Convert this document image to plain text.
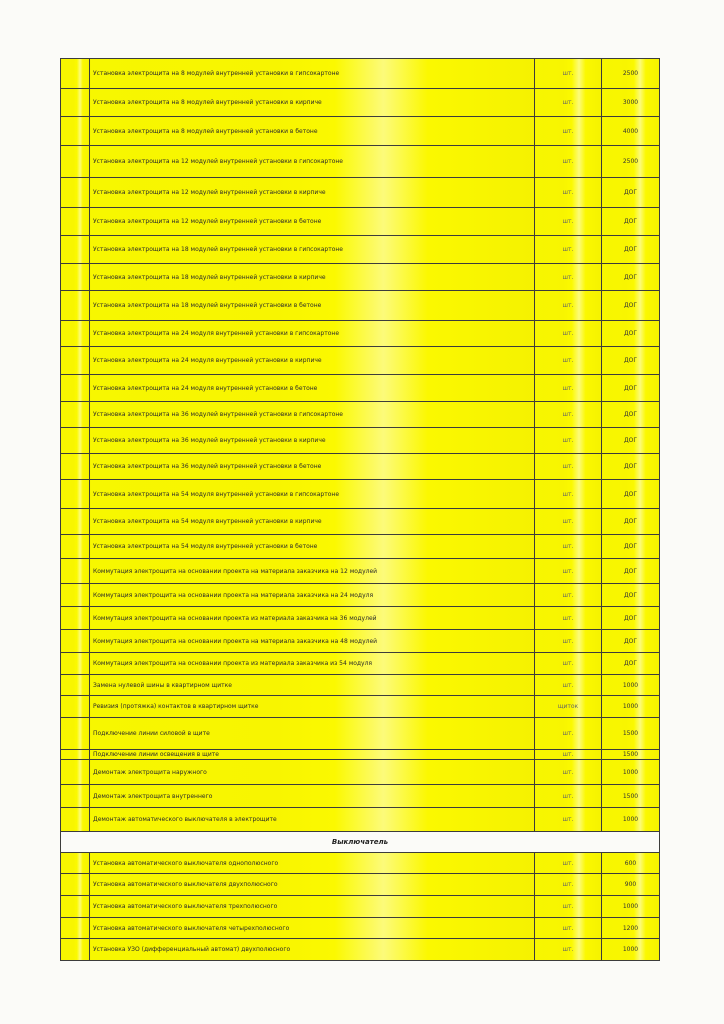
	Установка электрощита на 8 модулей внутренней установки в гипсокартоне	шт.	2500
	Установка электрощита на 8 модулей внутренней установки в кирпиче	шт.	3000
	Установка электрощита на 8 модулей внутренней установки в бетоне	шт.	4000
	Установка электрощита на 12 модулей внутренней установки в гипсокартоне	шт.	2500
	Установка электрощита на 12 модулей внутренней установки в кирпиче	шт.	ДОГ
	Установка электрощита на 12 модулей внутренней установки в бетоне	шт.	ДОГ
	Установка электрощита на 18 модулей внутренней установки в гипсокартоне	шт.	ДОГ
	Установка электрощита на 18 модулей внутренней установки в кирпиче	шт.	ДОГ
	Установка электрощита на 18 модулей внутренней установки в бетоне	шт.	ДОГ
	Установка электрощита на 24 модуля внутренней установки в гипсокартоне	шт.	ДОГ
	Установка электрощита на 24 модуля внутренней установки в кирпиче	шт.	ДОГ
	Установка электрощита на 24 модуля внутренней установки в бетоне	шт.	ДОГ
	Установка электрощита на 36 модулей внутренней установки в гипсокартоне	шт.	ДОГ
	Установка электрощита на 36 модулей внутренней установки в кирпиче	шт.	ДОГ
	Установка электрощита на 36 модулей внутренней установки в бетоне	шт.	ДОГ
	Установка электрощита на 54 модуля внутренней установки в гипсокартоне	шт.	ДОГ
	Установка электрощита на 54 модуля внутренней установки в кирпиче	шт.	ДОГ
	Установка электрощита на 54 модуля внутренней установки в бетоне	шт.	ДОГ
	Коммутация электрощита на основании проекта на материала заказчика на 12 модулей	шт.	ДОГ
	Коммутация электрощита на основании проекта на материала заказчика на 24 модуля	шт.	ДОГ
	Коммутация электрощита на основании проекта из материала заказчика на 36 модулей	шт.	ДОГ
	Коммутация электрощита на основании проекта на материала заказчика на 48 модулей	шт.	ДОГ
	Коммутация электрощита на основании проекта из материала заказчика из 54 модуля	шт.	ДОГ
	Замена нулевой шины в квартирном щитке	шт.	1000
	Ревизия (протяжка) контактов в квартирном щитке	щиток	1000
	Подключение линии силовой в щите	шт.	1500
	Подключение линии освещения в щите	шт.	1500
	Демонтаж электрощита наружного	шт.	1000
	Демонтаж электрощита внутреннего	шт.	1500
	Демонтаж автоматического выключателя в электрощите	шт.	1000
Выключатель			
	Установка автоматического выключателя однополюсного	шт.	600
	Установка автоматического выключателя двухполюсного	шт.	900
	Установка автоматического выключателя трехполюсного	шт.	1000
	Установка автоматического выключателя четырехполюсного	шт.	1200
	Установка УЗО (дифференциальный автомат) двухполюсного	шт.	1000
